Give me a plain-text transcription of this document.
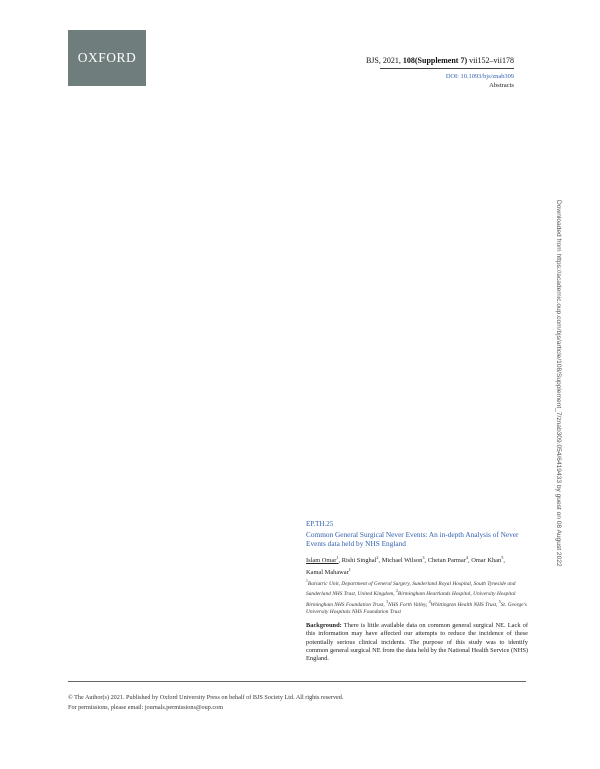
OXFORD	BJS, 2021, 108(Supplement 7) vii152–vii178
DOI: 10.1093/bjs/znab309
Abstracts
Downloaded from https://academic.oup.com/bjs/article/108/Supplement_7/znab309.054/6419433 by guest on 08 August 2022
EP.TH.25
Common General Surgical Never Events: An in-depth Analysis of Never Events data held by NHS England
Islam Omar$^1$, Rishi Singhal$^2$, Michael Wilson$^3$, Chetan Parmar$^4$, Omar Khan$^5$, Kamal Mahawar$^1$
$^1$Bariatric Unit, Department of General Surgery, Sunderland Royal Hospital, South Tyneside and Sunderland NHS Trust, United Kingdom, $^2$Birmingham Heartlands Hospital, University Hospital Birmingham NHS Foundation Trust, $^3$NHS Forth Valley, $^4$Whittington Health NHS Trust, $^5$St. George's University Hospitals NHS Foundation Trust

Background: There is little available data on common general surgical NE. Lack of this information may have affected our attempts to reduce the incidence of these potentially serious clinical incidents. The purpose of this study was to identify common general surgical NE from the data held by the National Health Service (NHS) England.

© The Author(s) 2021. Published by Oxford University Press on behalf of BJS Society Ltd. All rights reserved.
For permissions, please email: journals.permissions@oup.com
